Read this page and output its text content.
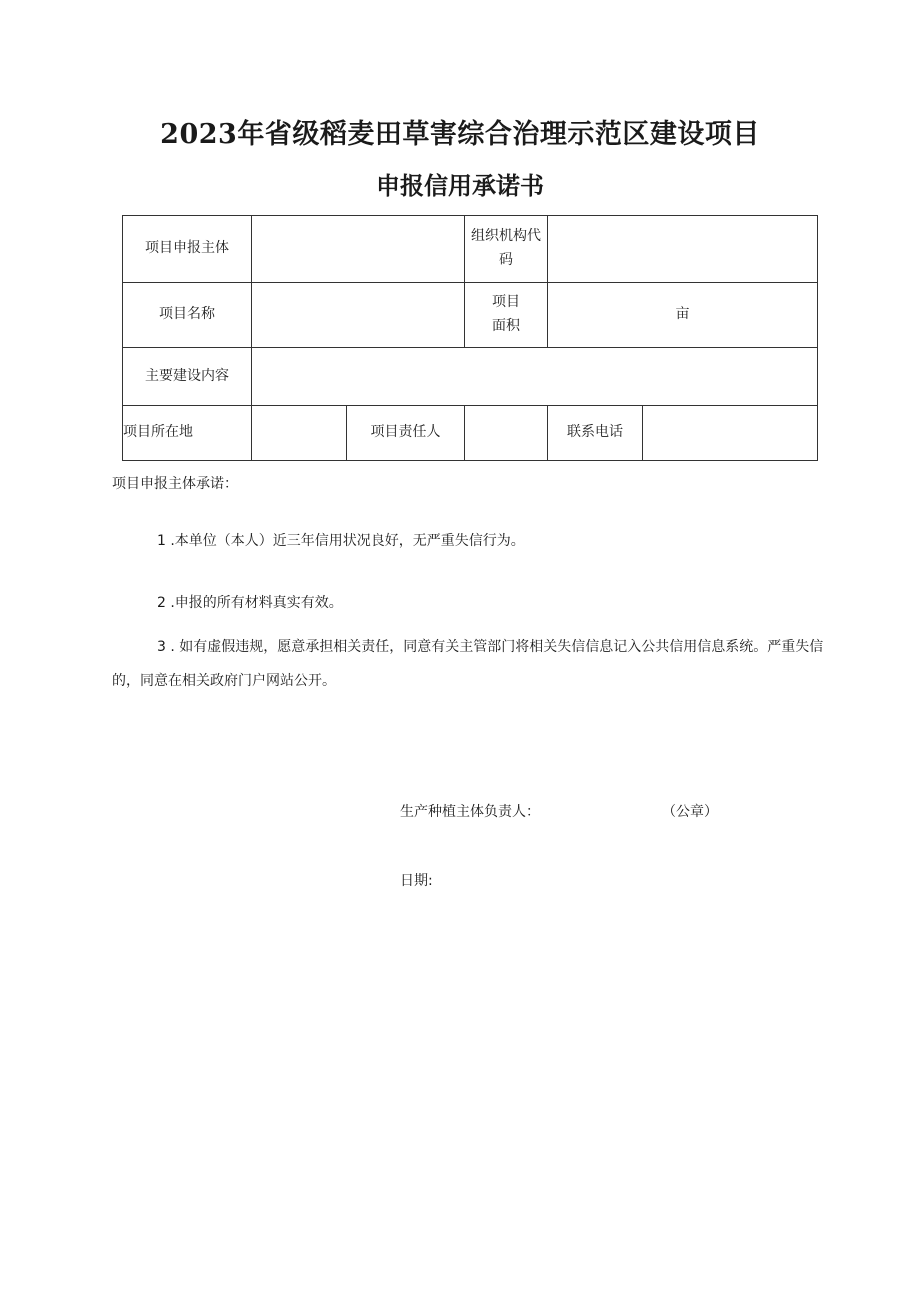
2023年省级稻麦田草害综合治理示范区建设项目
申报信用承诺书
项目申报主体			组织机构代
码		

项目名称			项目
面积	亩	
主要建设内容					
项目所在地		项目责任人		联系电话	
项目申报主体承诺：
1 .本单位（本人）近三年信用状况良好，无严重失信行为。
2 .申报的所有材料真实有效。
3 . 如有虚假违规，愿意承担相关责任，同意有关主管部门将相关失信信息记入公共信用信息系统。严重失信的，同意在相关政府门户网站公开。
生产种植主体负责人：	（公章）
日期:
